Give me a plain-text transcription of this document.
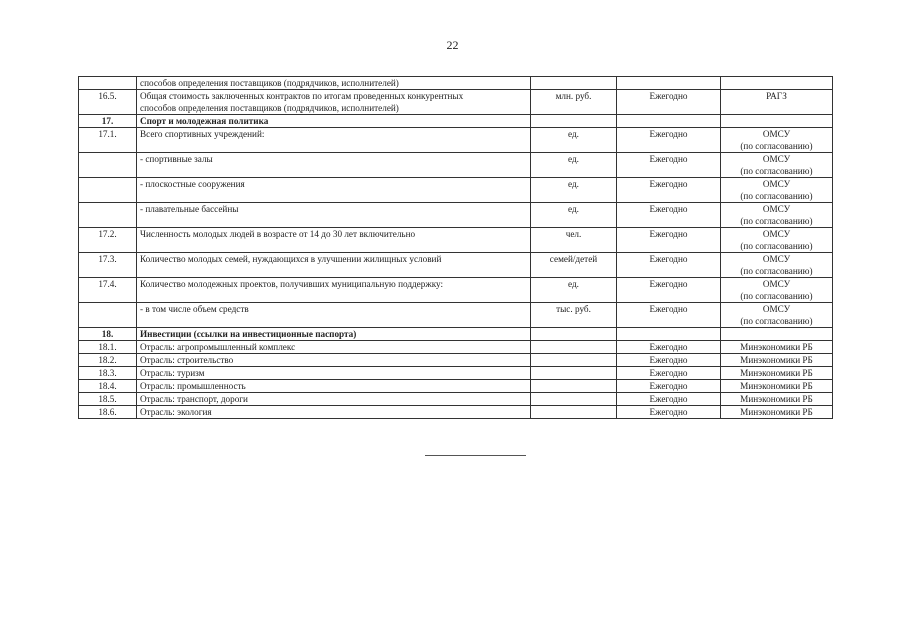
22

	способов определения поставщиков (подрядчиков, исполнителей)			

16.5.	Общая стоимость заключенных контрактов по итогам проведенных конкурентных
способов определения поставщиков (подрядчиков, исполнителей)	млн. руб.	Ежегодно	РАГЗ

17.	Спорт и молодежная политика			

17.1.	Всего спортивных учреждений:	ед.	Ежегодно	ОМСУ
(по согласованию)

	- спортивные залы	ед.	Ежегодно	ОМСУ
(по согласованию)

	- плоскостные сооружения	ед.	Ежегодно	ОМСУ
(по согласованию)

	- плавательные бассейны	ед.	Ежегодно	ОМСУ
(по согласованию)

17.2.	Численность молодых людей в возрасте от 14 до 30 лет включительно	чел.	Ежегодно	ОМСУ
(по согласованию)

17.3.	Количество молодых семей, нуждающихся в улучшении жилищных условий	семей/детей	Ежегодно	ОМСУ
(по согласованию)

17.4.	Количество молодежных проектов, получивших муниципальную поддержку:	ед.	Ежегодно	ОМСУ
(по согласованию)

	- в том числе объем средств	тыс. руб.	Ежегодно	ОМСУ
(по согласованию)

18.	Инвестиции (ссылки на инвестиционные паспорта)			

18.1.	Отрасль: агропромышленный комплекс		Ежегодно	Минэкономики РБ

18.2.	Отрасль: строительство		Ежегодно	Минэкономики РБ

18.3.	Отрасль: туризм		Ежегодно	Минэкономики РБ

18.4.	Отрасль: промышленность		Ежегодно	Минэкономики РБ

18.5.	Отрасль: транспорт, дороги		Ежегодно	Минэкономики РБ

18.6.	Отрасль: экология		Ежегодно	Минэкономики РБ
